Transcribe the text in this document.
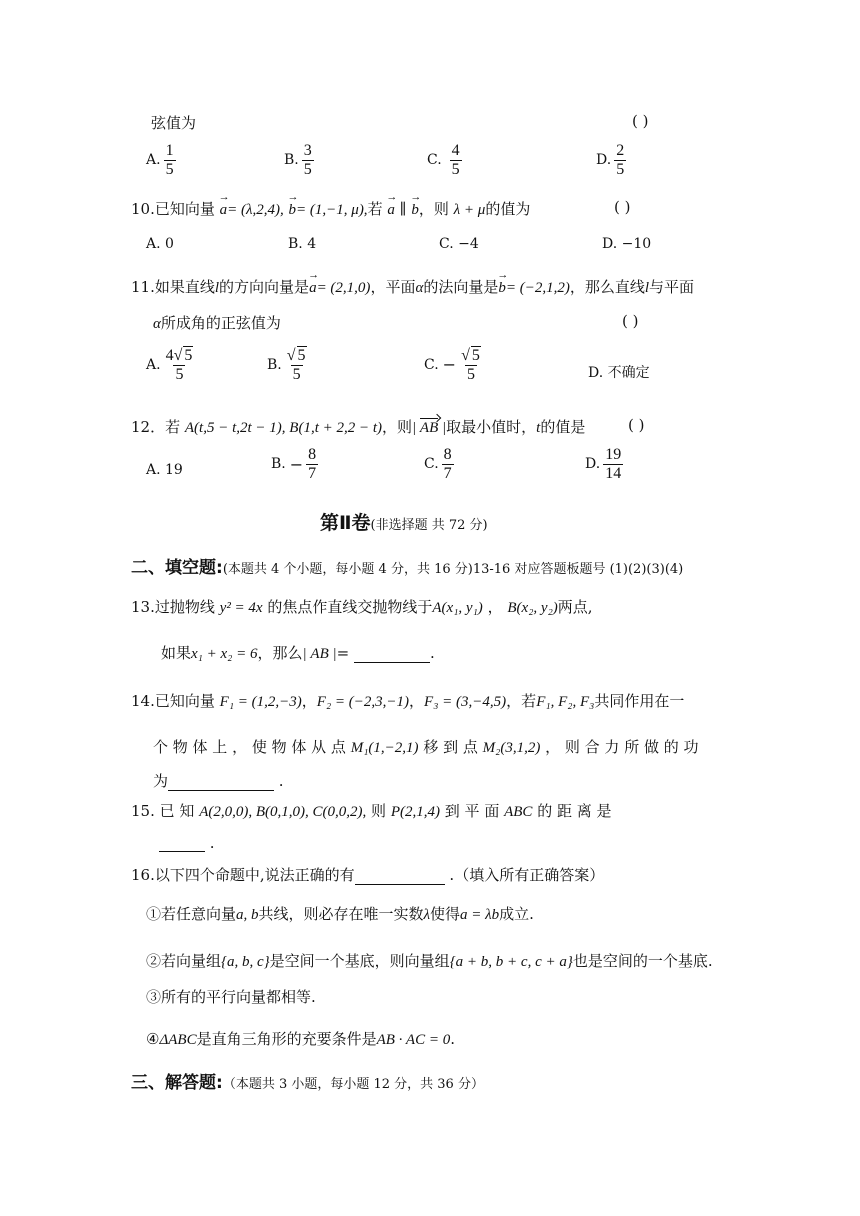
弦值为	( )
A. $\frac{1}{5}$	B. $\frac{3}{5}$	C. $\frac{4}{5}$	D. $\frac{2}{5}$
10.已知向量 → a= (λ,2,4), → b= (1,−1, μ),若 → a ∥ → b，则 λ + μ的值为	( )
A. 0	B. 4	C. −4	D. −10
11.如果直线l的方向向量是→ a= (2,1,0)，平面α的法向量是→ b= (−2,1,2)，那么直线l与平面
α所成角的正弦值为	( )
A. $\frac{4√ 5}{5}$	B. $\frac{√ 5}{5}$	C. − $\frac{√ 5}{5}$	D. 不确定
12．若 A(t,5 − t,2t − 1), B(1,t + 2,2 − t)，则| AB |取最小值时，t的值是	( )
A. 19	B. − $\frac{8}{7}$	C. $\frac{8}{7}$	D. $\frac{19}{14}$
第Ⅱ卷(非选择题 共 72 分)
二、填空题:(本题共 4 个小题，每小题 4 分，共 16 分)13-16 对应答题板题号 (1)(2)(3)(4)
13.过抛物线 y² = 4x 的焦点作直线交抛物线于A(x₁, y₁) ， B(x₂, y₂)两点,
如果x₁ + x₂ = 6，那么| AB |=	.
14.已知向量 F₁ = (1,2,−3)，F₂ = (−2,3,−1)，F₃ = (3,−4,5)，若F₁, F₂, F₃共同作用在一
个 物 体 上 ， 使 物 体 从 点 M₁(1,−2,1) 移 到 点 M₂(3,1,2) ， 则 合 力 所 做 的 功
为	.
15. 已 知 A(2,0,0), B(0,1,0), C(0,0,2), 则 P(2,1,4) 到 平 面 ABC 的 距 离 是
.
16.以下四个命题中,说法正确的有	.（填入所有正确答案）
①若任意向量a, b共线，则必存在唯一实数λ使得a = λb成立.
②若向量组{a, b, c}是空间一个基底，则向量组{a + b, b + c, c + a}也是空间的一个基底.
③所有的平行向量都相等.
④ΔABC是直角三角形的充要条件是AB · AC = 0.
三、解答题:（本题共 3 小题，每小题 12 分，共 36 分）
